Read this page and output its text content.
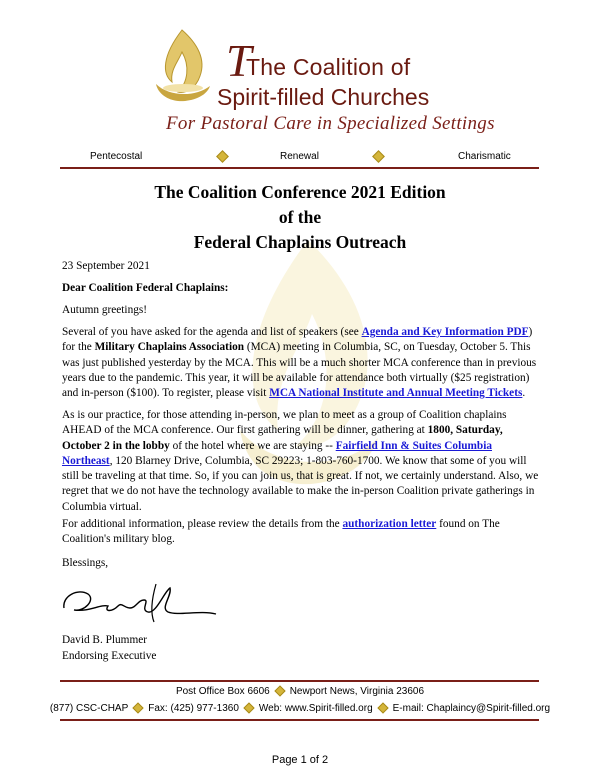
T
The Coalition of
Spirit-filled Churches
For Pastoral Care in Specialized Settings
Pentecostal	Renewal	Charismatic
The Coalition Conference 2021 Edition
of the
Federal Chaplains Outreach
23 September 2021
Dear Coalition Federal Chaplains:
Autumn greetings!

Several of you have asked for the agenda and list of speakers (see Agenda and Key Information PDF) for the Military Chaplains Association (MCA) meeting in Columbia, SC, on Tuesday, October 5. This was just published yesterday by the MCA. This will be a much shorter MCA conference than in previous years due to the pandemic. This year, it will be available for attendance both virtually ($25 registration) and in-person ($100). To register, please visit MCA National Institute and Annual Meeting Tickets.

As is our practice, for those attending in-person, we plan to meet as a group of Coalition chaplains AHEAD of the MCA conference. Our first gathering will be dinner, gathering at 1800, Saturday, October 2 in the lobby of the hotel where we are staying -- Fairfield Inn & Suites Columbia Northeast, 120 Blarney Drive, Columbia, SC 29223; 1-803-760-1700. We know that some of you will still be traveling at that time. So, if you can join us, that is great. If not, we certainly understand. Also, we regret that we do not have the technology available to make the in-person Coalition private gatherings in Columbia virtual.

For additional information, please review the details from the authorization letter found on The Coalition's military blog.

Blessings,
David B. Plummer
Endorsing Executive
Post Office Box 6606 Newport News, Virginia 23606
(877) CSC-CHAP Fax: (425) 977-1360 Web: www.Spirit-filled.org E-mail: Chaplaincy@Spirit-filled.org
Page 1 of 2
